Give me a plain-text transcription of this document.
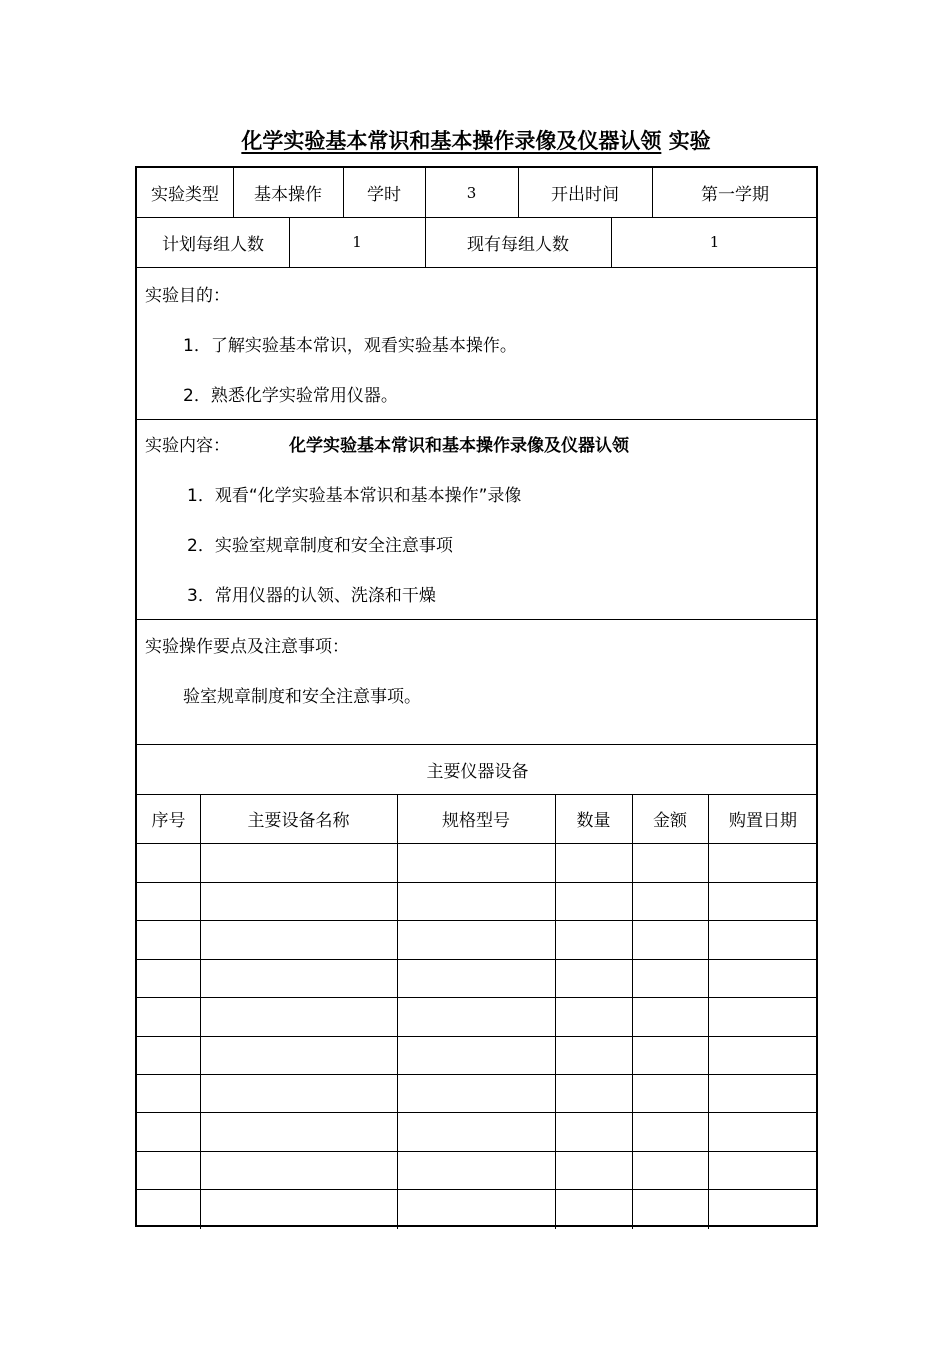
化学实验基本常识和基本操作录像及仪器认领 实验
实验类型	基本操作	学时	3	开出时间	第一学期
计划每组人数	1	现有每组人数	1
实验目的：
1．了解实验基本常识，观看实验基本操作。
2．熟悉化学实验常用仪器。
实验内容：	化学实验基本常识和基本操作录像及仪器认领
1．观看“化学实验基本常识和基本操作”录像
2．实验室规章制度和安全注意事项
3．常用仪器的认领、洗涤和干燥
实验操作要点及注意事项：
验室规章制度和安全注意事项。
主要仪器设备
序号	主要设备名称	规格型号	数量	金额	购置日期
